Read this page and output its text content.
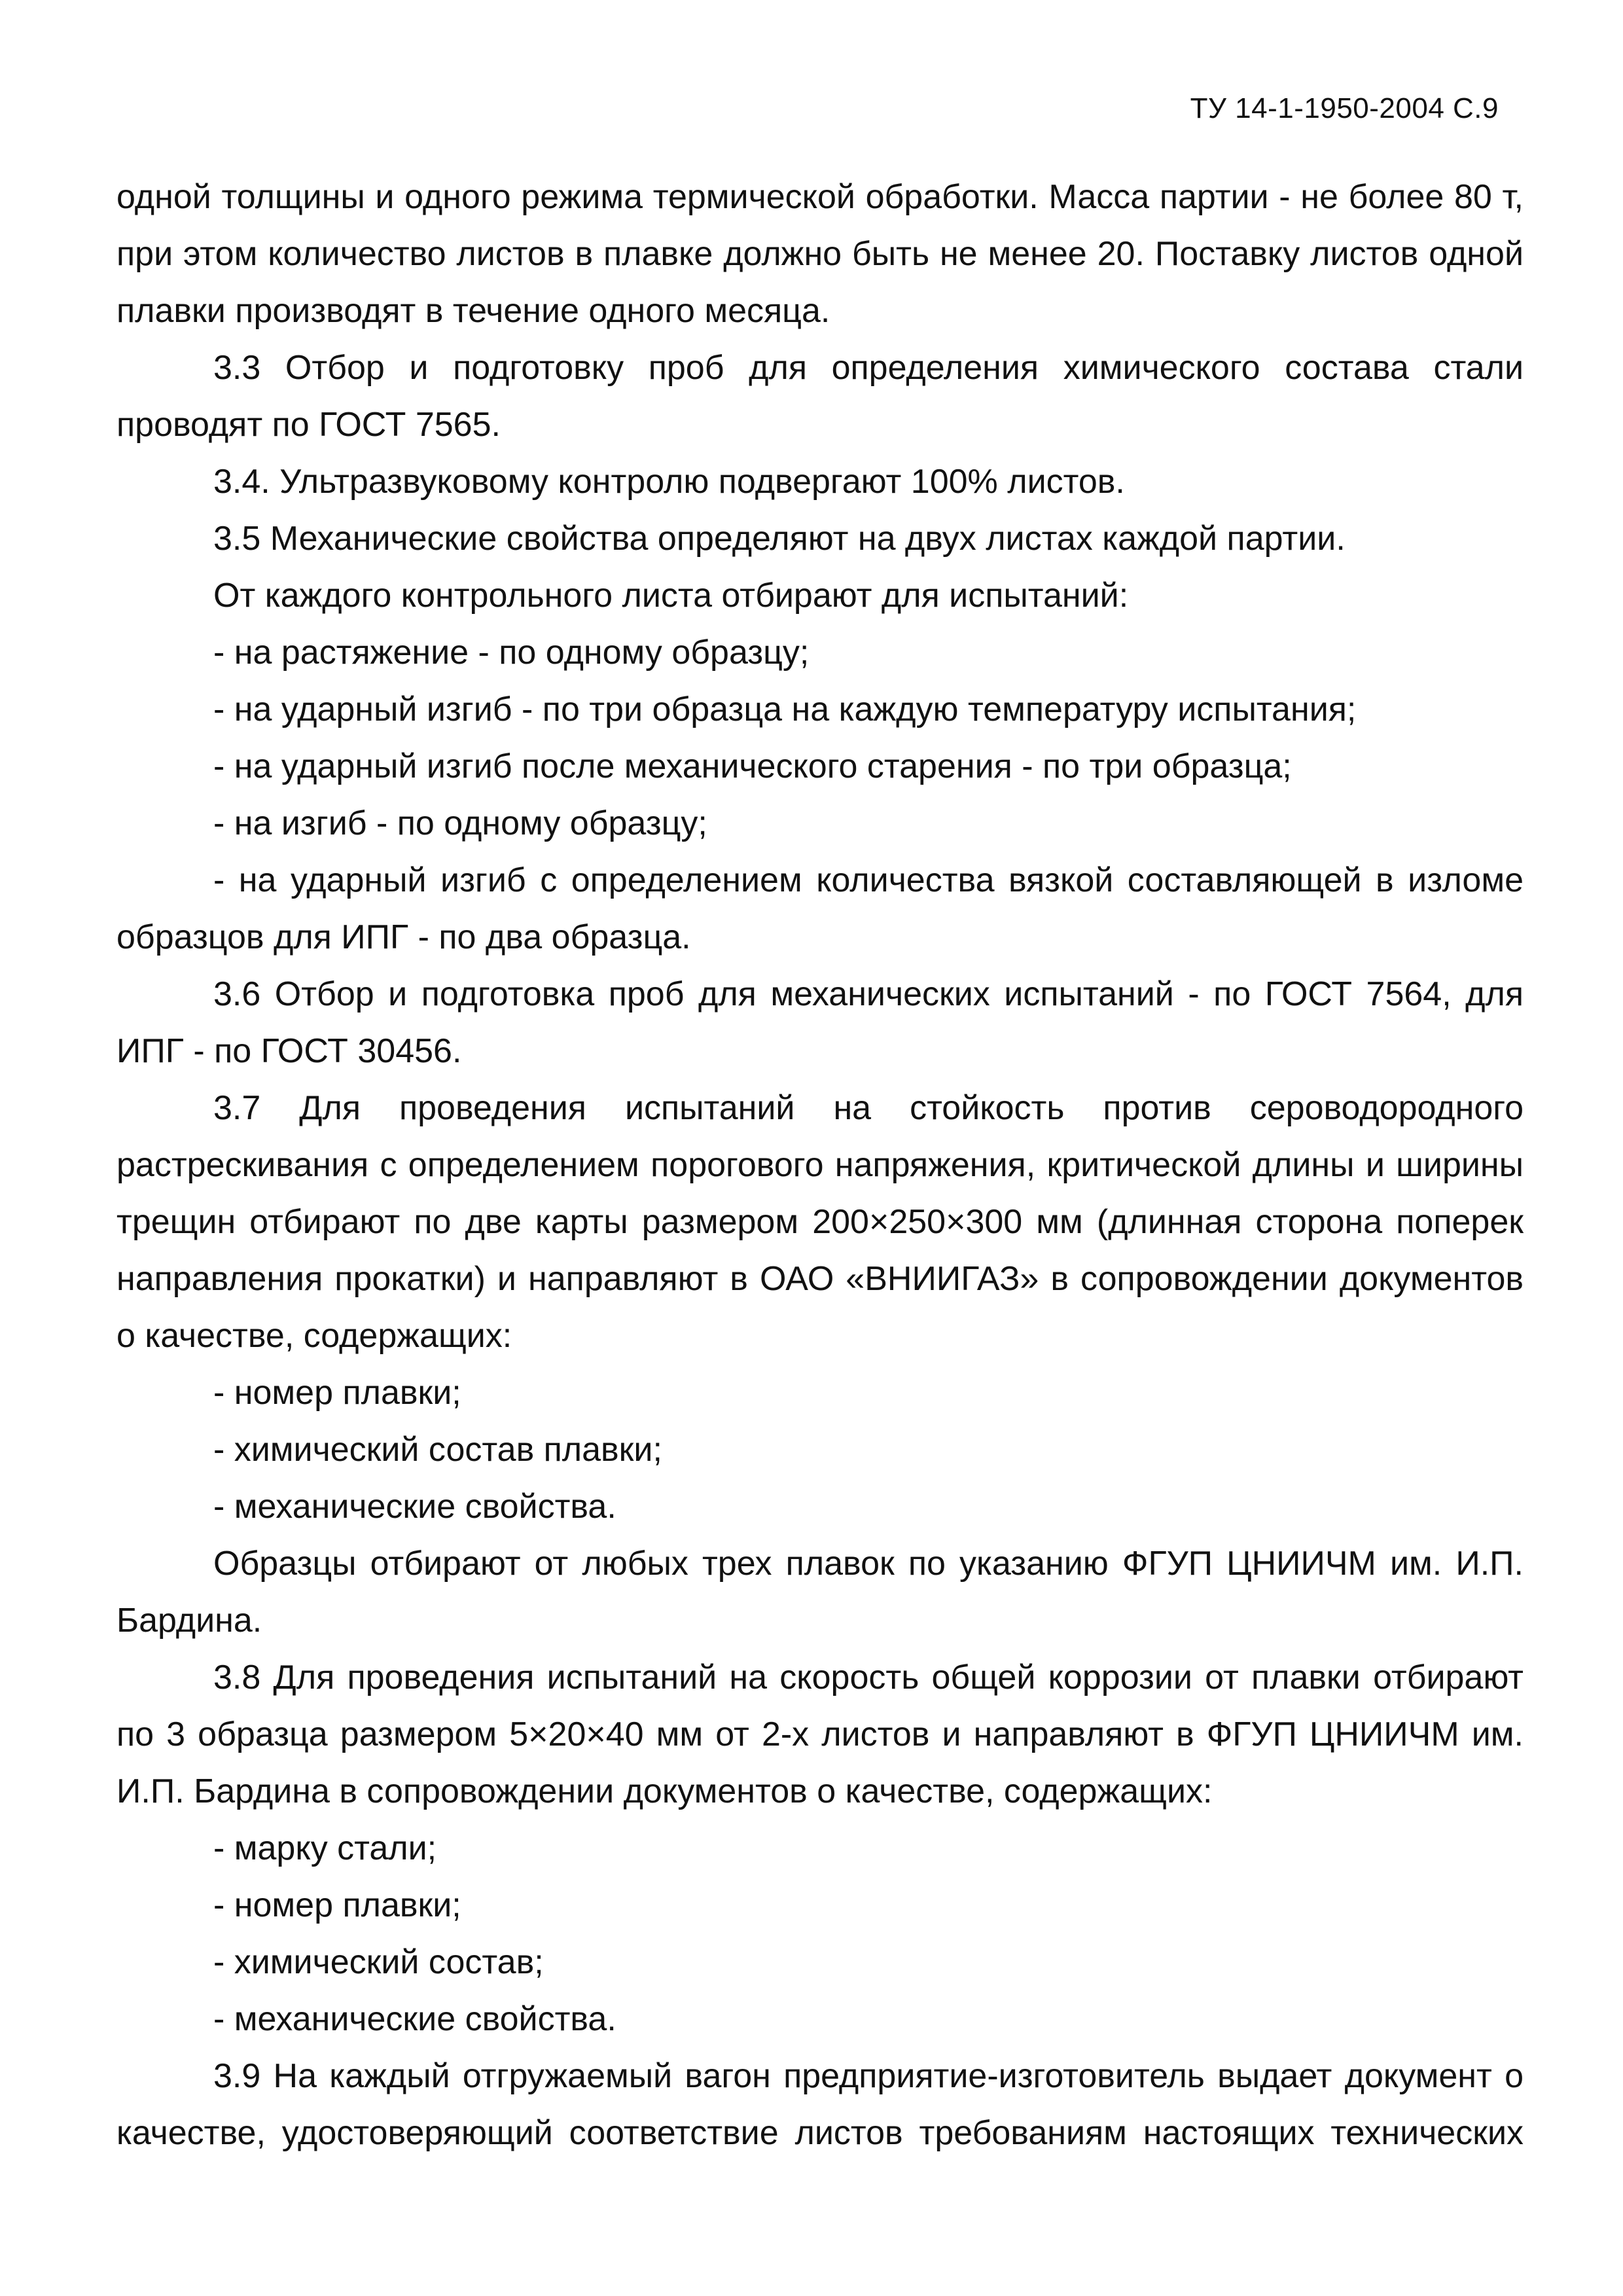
ТУ 14-1-1950-2004 С.9

одной толщины и одного режима термической обработки. Масса партии - не более 80 т, при этом количество листов в плавке должно быть не менее 20. Поставку листов одной плавки производят в течение одного месяца.

3.3 Отбор и подготовку проб для определения химического состава стали проводят по ГОСТ 7565.

3.4. Ультразвуковому контролю подвергают 100% листов.

3.5 Механические свойства определяют на двух листах каждой партии.

От каждого контрольного листа отбирают для испытаний:

- на растяжение - по одному образцу;

- на ударный изгиб - по три образца на каждую температуру испытания;

- на ударный изгиб после механического старения - по три образца;

- на изгиб - по одному образцу;

- на ударный изгиб с определением количества вязкой составляющей в изломе образцов для ИПГ - по два образца.

3.6 Отбор и подготовка проб для механических испытаний - по ГОСТ 7564, для ИПГ - по ГОСТ 30456.

3.7 Для проведения испытаний на стойкость против сероводородного растрескивания с определением порогового напряжения, критической длины и ширины трещин отбирают по две карты размером 200×250×300 мм (длинная сторона поперек направления прокатки) и направляют в ОАО «ВНИИГАЗ» в сопровождении документов о качестве, содержащих:

- номер плавки;

- химический состав плавки;

- механические свойства.

Образцы отбирают от любых трех плавок по указанию ФГУП ЦНИИЧМ им. И.П. Бардина.

3.8 Для проведения испытаний на скорость общей коррозии от плавки отбирают по 3 образца размером 5×20×40 мм от 2-х листов и направляют в ФГУП ЦНИИЧМ им. И.П. Бардина в сопровождении документов о качестве, содержащих:

- марку стали;

- номер плавки;

- химический состав;

- механические свойства.

3.9 На каждый отгружаемый вагон предприятие-изготовитель выдает документ о качестве, удостоверяющий соответствие листов требованиям настоящих технических
